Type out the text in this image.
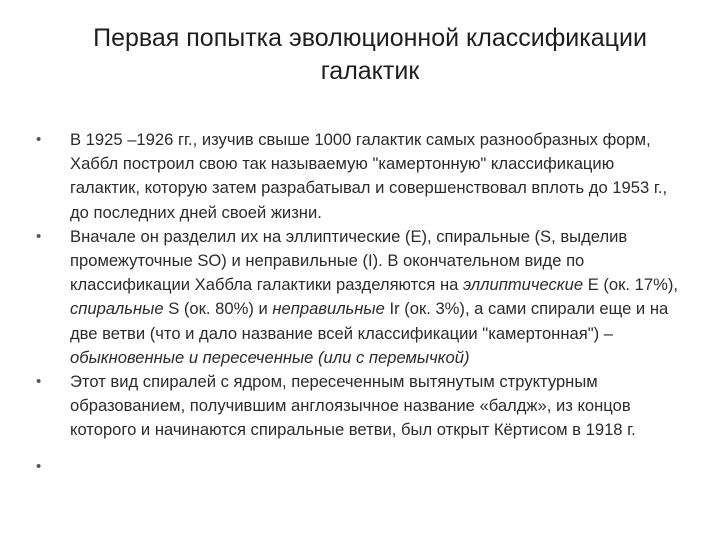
Первая попытка эволюционной классификации
галактик
• В 1925 –1926 гг., изучив свыше 1000 галактик самых разнообразных форм, Хаббл построил свою так называемую "камертонную" классификацию галактик, которую затем разрабатывал и совершенствовал вплоть до 1953 г., до последних дней своей жизни.
• Вначале он разделил их на эллиптические (E), спиральные (S, выделив промежуточные SO) и неправильные (I). В окончательном виде по классификации Хаббла галактики разделяются на эллиптические E (ок. 17%), спиральные S (ок. 80%) и неправильные Ir (ок. 3%), а сами спирали еще и на две ветви (что и дало название всей классификации "камертонная") – обыкновенные и пересеченные (или с перемычкой)
• Этот вид спиралей с ядром, пересеченным вытянутым структурным образованием, получившим англоязычное название «балдж», из концов которого и начинаются спиральные ветви, был открыт Кёртисом в 1918 г.
•
